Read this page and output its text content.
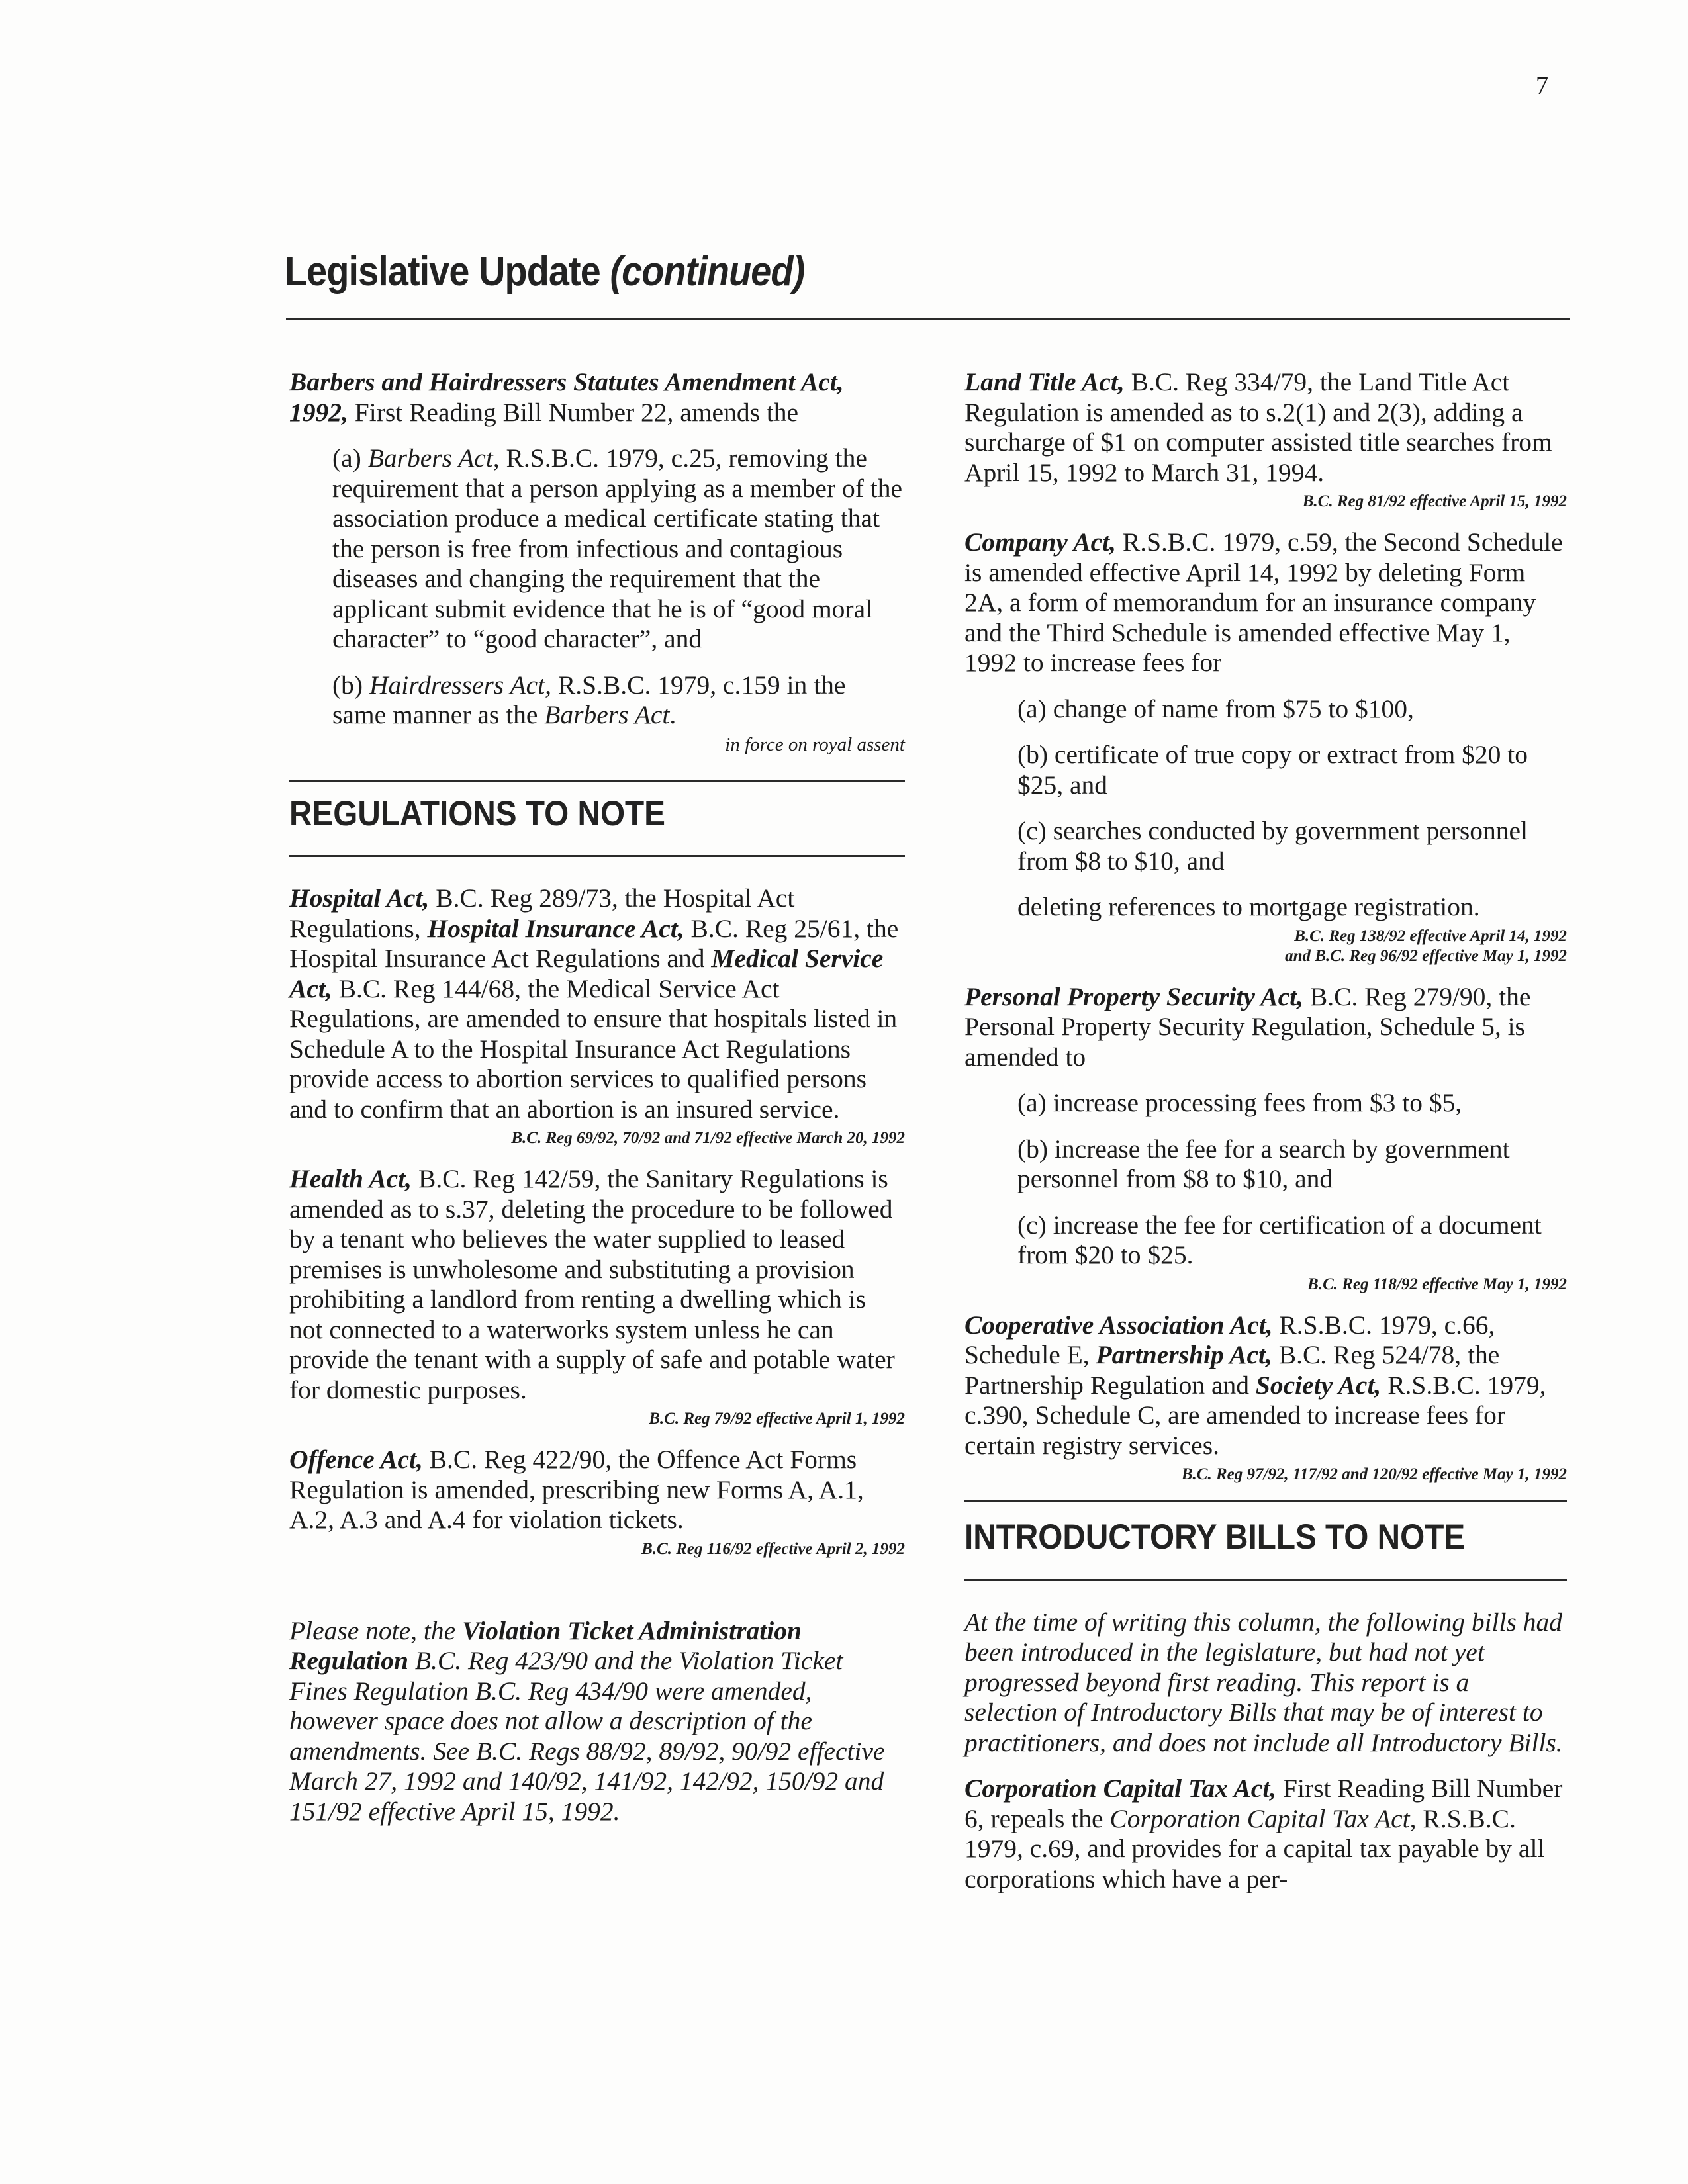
7
Legislative Update (continued)

Barbers and Hairdressers Statutes Amendment Act, 1992, First Reading Bill Number 22, amends the

(a) Barbers Act, R.S.B.C. 1979, c.25, removing the requirement that a person applying as a member of the association produce a medical certificate stating that the person is free from infectious and contagious diseases and changing the requirement that the applicant submit evidence that he is of “good moral character” to “good character”, and

(b) Hairdressers Act, R.S.B.C. 1979, c.159 in the same manner as the Barbers Act.

in force on royal assent

REGULATIONS TO NOTE

Hospital Act, B.C. Reg 289/73, the Hospital Act Regulations, Hospital Insurance Act, B.C. Reg 25/61, the Hospital Insurance Act Regulations and Medical Service Act, B.C. Reg 144/68, the Medical Service Act Regulations, are amended to ensure that hospitals listed in Schedule A to the Hospital Insurance Act Regulations provide access to abortion services to qualified persons and to confirm that an abortion is an insured service.

B.C. Reg 69/92, 70/92 and 71/92 effective March 20, 1992

Health Act, B.C. Reg 142/59, the Sanitary Regulations is amended as to s.37, deleting the procedure to be followed by a tenant who believes the water supplied to leased premises is unwholesome and substituting a provision prohibiting a landlord from renting a dwelling which is not connected to a waterworks system unless he can provide the tenant with a supply of safe and potable water for domestic purposes.

B.C. Reg 79/92 effective April 1, 1992

Offence Act, B.C. Reg 422/90, the Offence Act Forms Regulation is amended, prescribing new Forms A, A.1, A.2, A.3 and A.4 for violation tickets.

B.C. Reg 116/92 effective April 2, 1992

Please note, the Violation Ticket Administration Regulation B.C. Reg 423/90 and the Violation Ticket Fines Regulation B.C. Reg 434/90 were amended, however space does not allow a description of the amendments. See B.C. Regs 88/92, 89/92, 90/92 effective March 27, 1992 and 140/92, 141/92, 142/92, 150/92 and 151/92 effective April 15, 1992.

Land Title Act, B.C. Reg 334/79, the Land Title Act Regulation is amended as to s.2(1) and 2(3), adding a surcharge of $1 on computer assisted title searches from April 15, 1992 to March 31, 1994.

B.C. Reg 81/92 effective April 15, 1992

Company Act, R.S.B.C. 1979, c.59, the Second Schedule is amended effective April 14, 1992 by deleting Form 2A, a form of memorandum for an insurance company and the Third Schedule is amended effective May 1, 1992 to increase fees for

(a) change of name from $75 to $100,

(b) certificate of true copy or extract from $20 to $25, and

(c) searches conducted by government personnel from $8 to $10, and

deleting references to mortgage registration.

B.C. Reg 138/92 effective April 14, 1992

and B.C. Reg 96/92 effective May 1, 1992

Personal Property Security Act, B.C. Reg 279/90, the Personal Property Security Regulation, Schedule 5, is amended to

(a) increase processing fees from $3 to $5,

(b) increase the fee for a search by government personnel from $8 to $10, and

(c) increase the fee for certification of a document from $20 to $25.

B.C. Reg 118/92 effective May 1, 1992

Cooperative Association Act, R.S.B.C. 1979, c.66, Schedule E, Partnership Act, B.C. Reg 524/78, the Partnership Regulation and Society Act, R.S.B.C. 1979, c.390, Schedule C, are amended to increase fees for certain registry services.

B.C. Reg 97/92, 117/92 and 120/92 effective May 1, 1992

INTRODUCTORY BILLS TO NOTE

At the time of writing this column, the following bills had been introduced in the legislature, but had not yet progressed beyond first reading. This report is a selection of Introductory Bills that may be of interest to practitioners, and does not include all Introductory Bills.

Corporation Capital Tax Act, First Reading Bill Number 6, repeals the Corporation Capital Tax Act, R.S.B.C. 1979, c.69, and provides for a capital tax payable by all corporations which have a per-
